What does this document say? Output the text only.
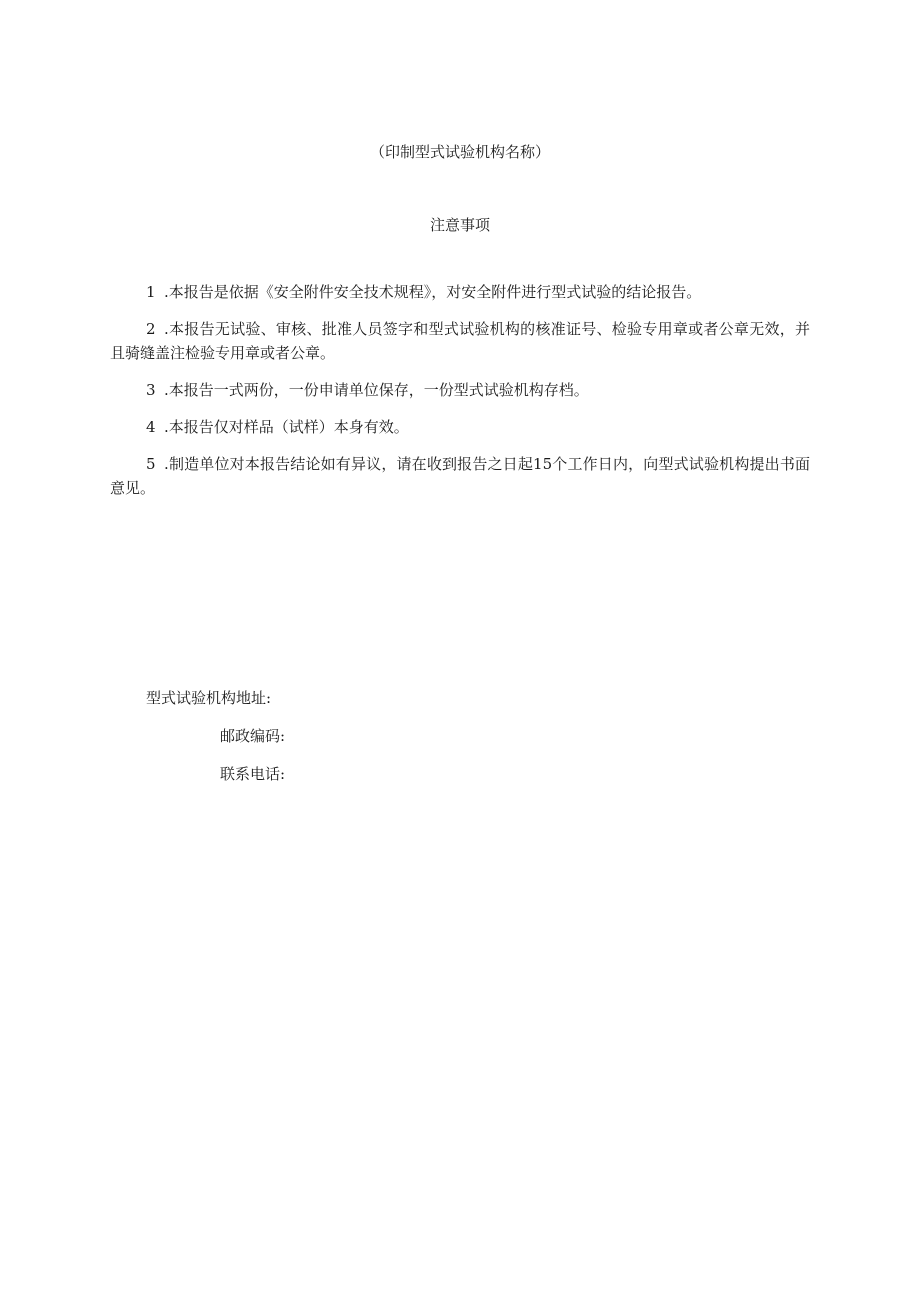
（印制型式试验机构名称）
注意事项
1 .本报告是依据《安全附件安全技术规程》，对安全附件进行型式试验的结论报告。
2 .本报告无试验、审核、批准人员签字和型式试验机构的核准证号、检验专用章或者公章无效，并且骑缝盖注检验专用章或者公章。
3 .本报告一式两份，一份申请单位保存，一份型式试验机构存档。
4 .本报告仅对样品（试样）本身有效。
5 .制造单位对本报告结论如有异议，请在收到报告之日起15个工作日内，向型式试验机构提出书面意见。
型式试验机构地址:
邮政编码:
联系电话:
